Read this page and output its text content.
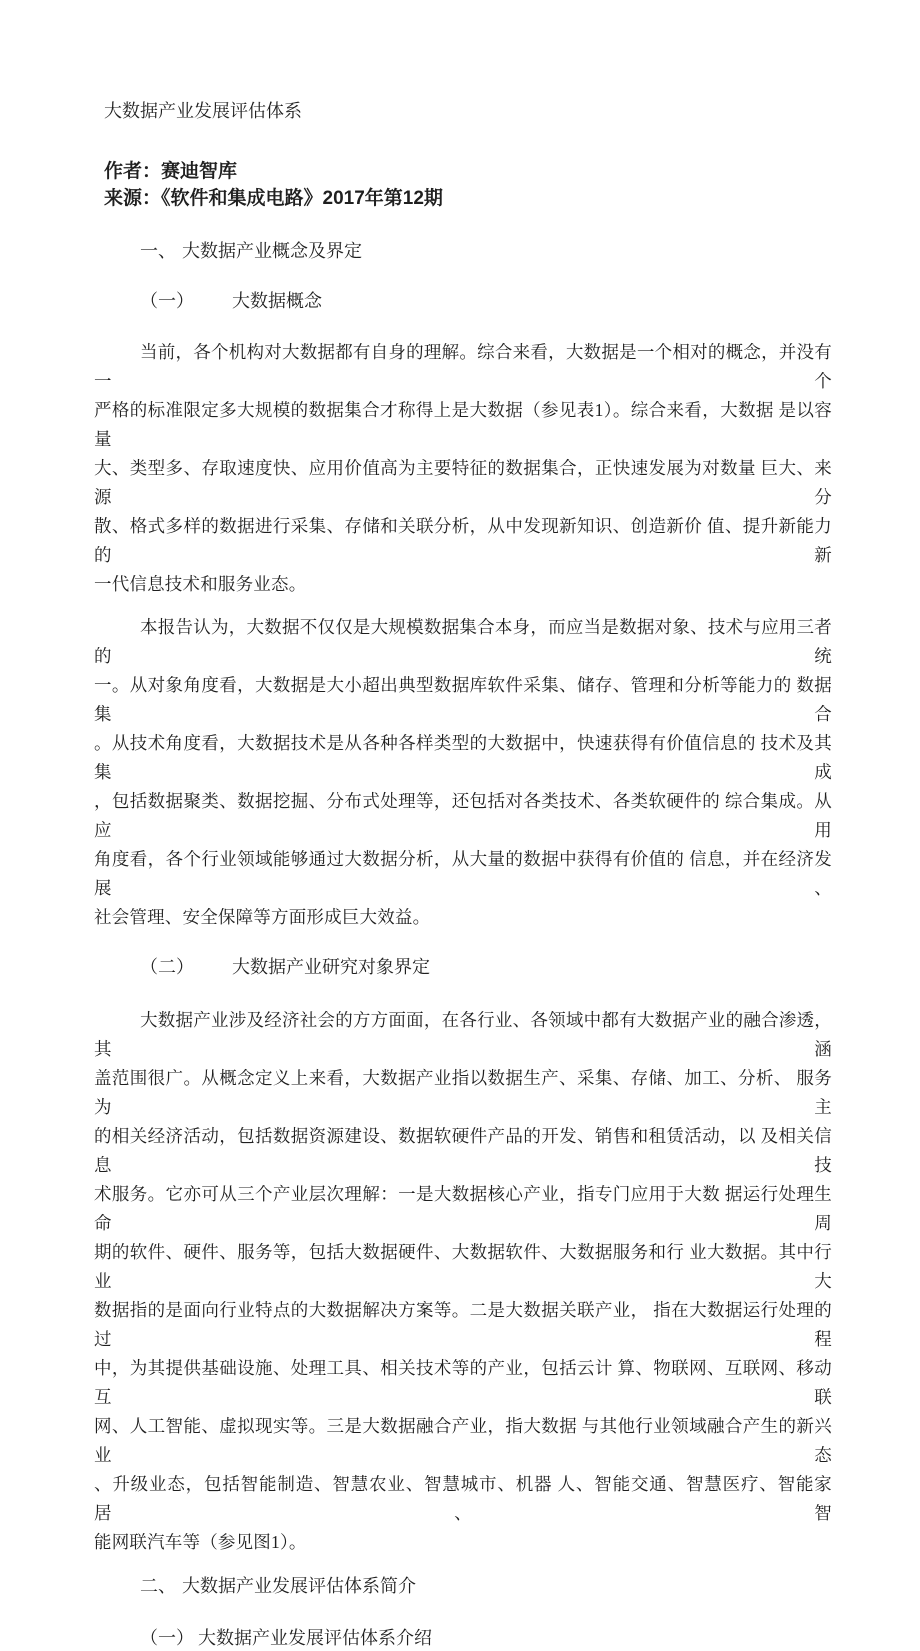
大数据产业发展评估体系
作者：赛迪智库
来源：《软件和集成电路》2017年第12期
一、 大数据产业概念及界定
（一） 大数据概念
当前，各个机构对大数据都有自身的理解。综合来看，大数据是一个相对的概念，并没有 一个
严格的标准限定多大规模的数据集合才称得上是大数据（参见表1）。综合来看，大数据 是以容量
大、类型多、存取速度快、应用价值高为主要特征的数据集合，正快速发展为对数量 巨大、来源分
散、格式多样的数据进行采集、存储和关联分析，从中发现新知识、创造新价 值、提升新能力的新
一代信息技术和服务业态。
本报告认为，大数据不仅仅是大规模数据集合本身，而应当是数据对象、技术与应用三者 的统
一。从对象角度看，大数据是大小超出典型数据库软件采集、储存、管理和分析等能力的 数据集合
。从技术角度看，大数据技术是从各种各样类型的大数据中，快速获得有价值信息的 技术及其集成
，包括数据聚类、数据挖掘、分布式处理等，还包括对各类技术、各类软硬件的 综合集成。从应用
角度看，各个行业领域能够通过大数据分析，从大量的数据中获得有价值的 信息，并在经济发展、
社会管理、安全保障等方面形成巨大效益。
（二） 大数据产业研究对象界定
大数据产业涉及经济社会的方方面面，在各行业、各领域中都有大数据产业的融合渗透， 其涵
盖范围很广。从概念定义上来看，大数据产业指以数据生产、采集、存储、加工、分析、 服务为主
的相关经济活动，包括数据资源建设、数据软硬件产品的开发、销售和租赁活动，以 及相关信息技
术服务。它亦可从三个产业层次理解：一是大数据核心产业，指专门应用于大数 据运行处理生命周
期的软件、硬件、服务等，包括大数据硬件、大数据软件、大数据服务和行 业大数据。其中行业大
数据指的是面向行业特点的大数据解决方案等。二是大数据关联产业， 指在大数据运行处理的过程
中，为其提供基础设施、处理工具、相关技术等的产业，包括云计 算、物联网、互联网、移动互联
网、人工智能、虚拟现实等。三是大数据融合产业，指大数据 与其他行业领域融合产生的新兴业态
、升级业态，包括智能制造、智慧农业、智慧城市、机器 人、智能交通、智慧医疗、智能家居、智
能网联汽车等（参见图1）。
二、 大数据产业发展评估体系简介
（一） 大数据产业发展评估体系介绍
